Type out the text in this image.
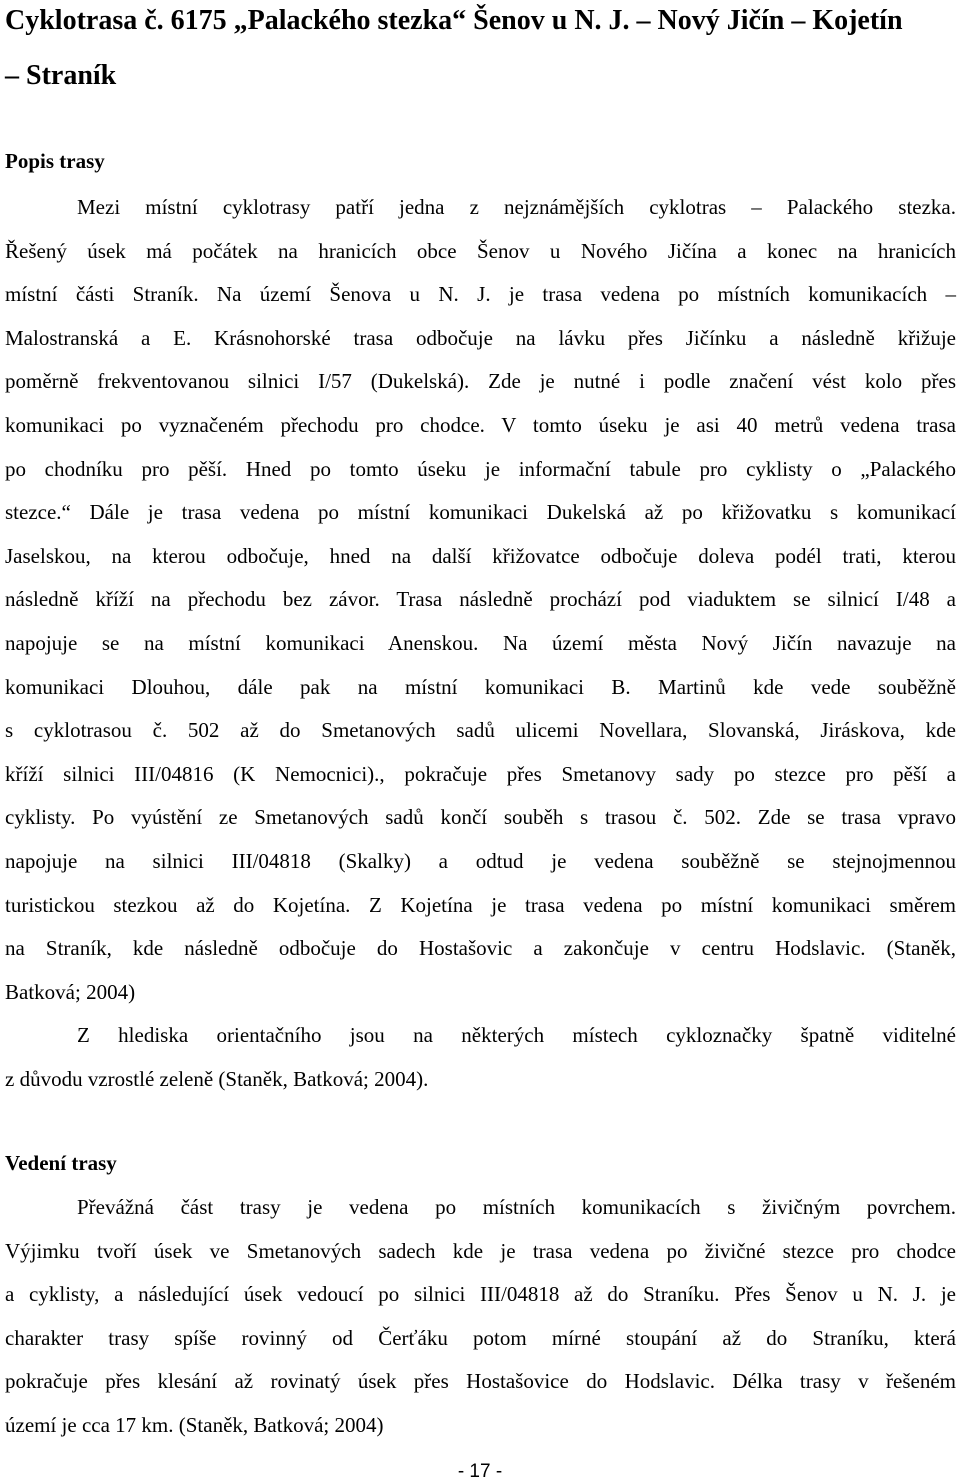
Cyklotrasa č. 6175 „Palackého stezka“ Šenov u N. J. – Nový Jičín – Kojetín
– Straník
Popis trasy
Mezi místní cyklotrasy patří jedna z nejznámějších cyklotras – Palackého stezka.
Řešený úsek má počátek na hranicích obce Šenov u Nového Jičína a konec na hranicích
místní části Straník. Na území Šenova u N. J. je trasa vedena po místních komunikacích –
Malostranská a E. Krásnohorské trasa odbočuje na lávku přes Jičínku a následně křižuje
poměrně frekventovanou silnici I/57 (Dukelská). Zde je nutné i podle značení vést kolo přes
komunikaci po vyznačeném přechodu pro chodce. V tomto úseku je asi 40 metrů vedena trasa
po chodníku pro pěší. Hned po tomto úseku je informační tabule pro cyklisty o „Palackého
stezce.“ Dále je trasa vedena po místní komunikaci Dukelská až po křižovatku s komunikací
Jaselskou, na kterou odbočuje, hned na další křižovatce odbočuje doleva podél trati, kterou
následně kříží na přechodu bez závor. Trasa následně prochází pod viaduktem se silnicí I/48 a
napojuje se na místní komunikaci Anenskou. Na území města Nový Jičín navazuje na
komunikaci Dlouhou, dále pak na místní komunikaci B. Martinů kde vede souběžně
s cyklotrasou č. 502 až do Smetanových sadů ulicemi Novellara, Slovanská, Jiráskova, kde
kříží silnici III/04816 (K Nemocnici)., pokračuje přes Smetanovy sady po stezce pro pěší a
cyklisty. Po vyústění ze Smetanových sadů končí souběh s trasou č. 502. Zde se trasa vpravo
napojuje na silnici III/04818 (Skalky) a odtud je vedena souběžně se stejnojmennou
turistickou stezkou až do Kojetína. Z Kojetína je trasa vedena po místní komunikaci směrem
na Straník, kde následně odbočuje do Hostašovic a zakončuje v centru Hodslavic. (Staněk,
Batková; 2004)
Z hlediska orientačního jsou na některých místech cykloznačky špatně viditelné
z důvodu vzrostlé zeleně (Staněk, Batková; 2004).
Vedení trasy
Převážná část trasy je vedena po místních komunikacích s živičným povrchem.
Výjimku tvoří úsek ve Smetanových sadech kde je trasa vedena po živičné stezce pro chodce
a cyklisty, a následující úsek vedoucí po silnici III/04818 až do Straníku. Přes Šenov u N. J. je
charakter trasy spíše rovinný od Čerťáku potom mírné stoupání až do Straníku, která
pokračuje přes klesání až rovinatý úsek přes Hostašovice do Hodslavic. Délka trasy v řešeném
území je cca 17 km. (Staněk, Batková; 2004)
- 17 -
